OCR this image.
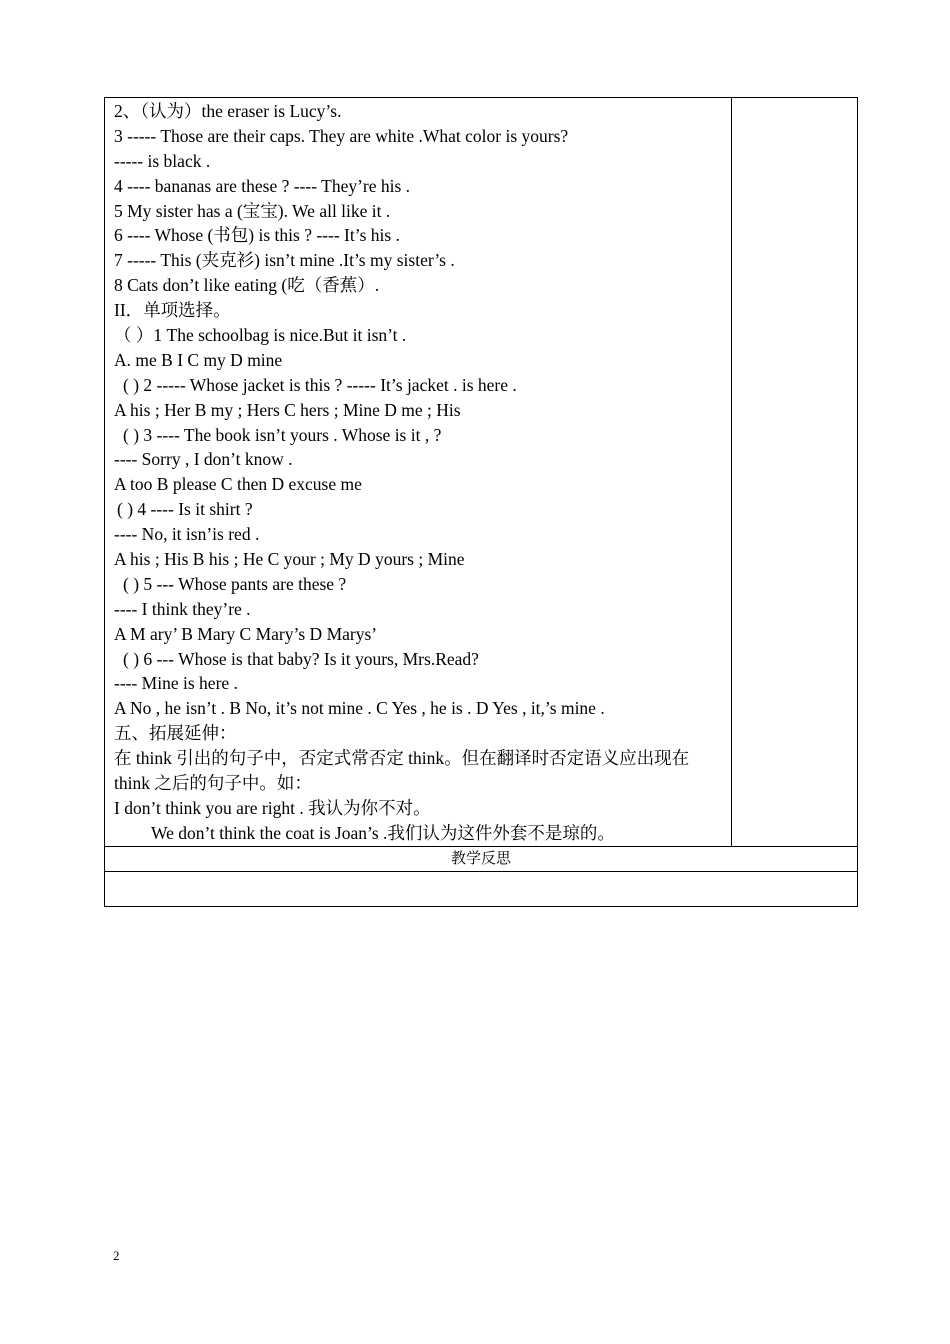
2、（认为）the eraser is Lucy’s.
3 ----- Those are their caps. They are white .What color is yours?
----- is black .
4 ---- bananas are these ? ---- They’re his .
5 My sister has a (宝宝). We all like it .
6 ---- Whose (书包) is this ? ---- It’s his .
7 ----- This (夹克衫) isn’t mine .It’s my sister’s .
8 Cats don’t like eating (吃（香蕉）.
II．单项选择。
（ ）1 The schoolbag is nice.But it isn’t .
A. me B I C my D mine
( ) 2 ----- Whose jacket is this ? ----- It’s jacket . is here .
A his ; Her B my ; Hers C hers ; Mine D me ; His
( ) 3 ---- The book isn’t yours . Whose is it , ?
---- Sorry , I don’t know .
A too B please C then D excuse me
( ) 4 ---- Is it shirt ?
---- No, it isn’is red .
A his ; His B his ; He C your ; My D yours ; Mine
( ) 5 --- Whose pants are these ?
---- I think they’re .
A M ary’ B Mary C Mary’s D Marys’
( ) 6 --- Whose is that baby? Is it yours, Mrs.Read?
---- Mine is here .
A No , he isn’t . B No, it’s not mine . C Yes , he is . D Yes , it,’s mine .
五、拓展延伸：
在 think 引出的句子中，否定式常否定 think。但在翻译时否定语义应出现在 think 之后的句子中。如：
I don’t think you are right . 我认为你不对。
We don’t think the coat is Joan’s .我们认为这件外套不是琼的。

教学反思

2
